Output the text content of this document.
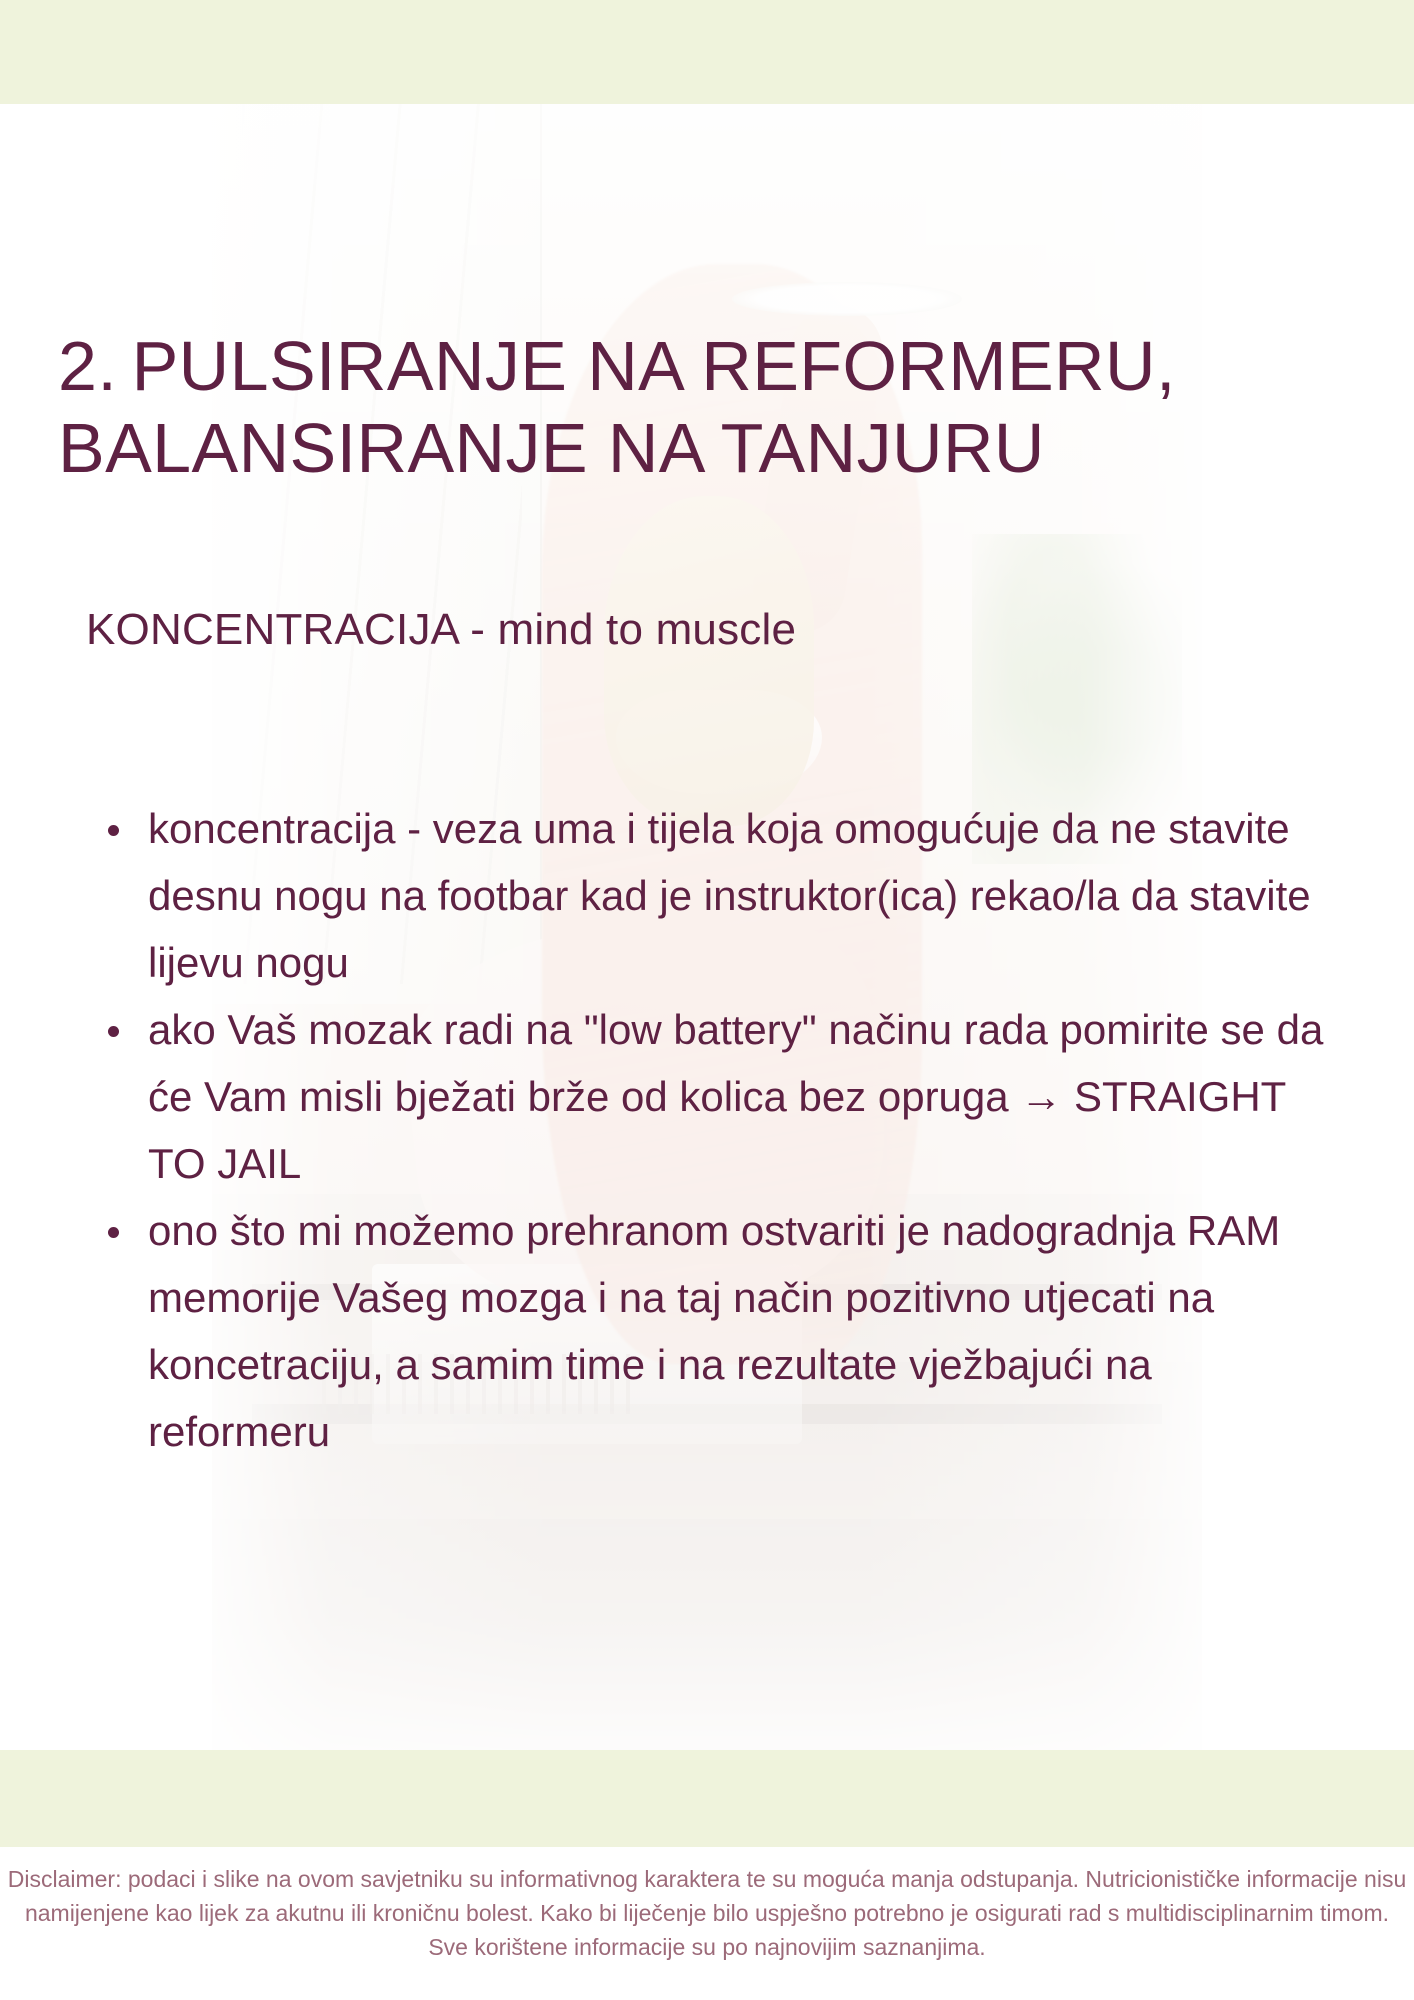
2. PULSIRANJE NA REFORMERU,
BALANSIRANJE NA TANJURU
KONCENTRACIJA - mind to muscle
koncentracija - veza uma i tijela koja omogućuje da ne stavite desnu nogu na footbar kad je instruktor(ica) rekao/la da stavite lijevu nogu
ako Vaš mozak radi na "low battery" načinu rada pomirite se da će Vam misli bježati brže od kolica bez opruga → STRAIGHT TO JAIL
ono što mi možemo prehranom ostvariti je nadogradnja RAM memorije Vašeg mozga i na taj način pozitivno utjecati na koncetraciju, a samim time i na rezultate vježbajući na reformeru
Disclaimer: podaci i slike na ovom savjetniku su informativnog karaktera te su moguća manja odstupanja. Nutricionističke informacije nisu namijenjene kao lijek za akutnu ili kroničnu bolest. Kako bi liječenje bilo uspješno potrebno je osigurati rad s multidisciplinarnim timom. Sve korištene informacije su po najnovijim saznanjima.
